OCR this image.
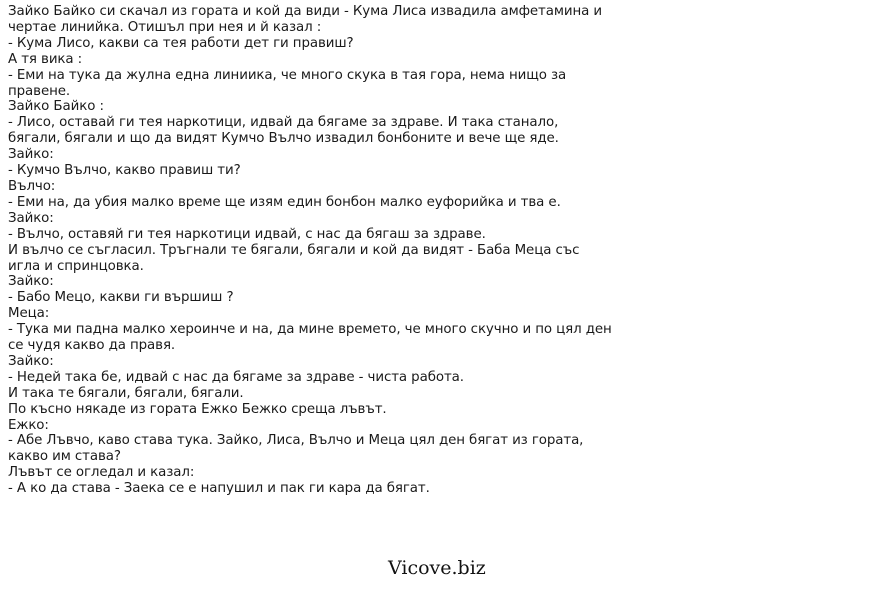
Зайко Байко си скачал из гората и кой да види - Кума Лиса извадила амфетамина и
чертае линийка. Отишъл при нея и й казал :
- Кума Лисо, какви са тея работи дет ги правиш?
А тя вика :
- Еми на тука да жулна една линиика, че много скука в тая гора, нема нищо за
правене.
Зайко Байко :
- Лисо, оставай ги тея наркотици, идвай да бягаме за здраве. И така станало,
бягали, бягали и що да видят Кумчо Вълчо извадил бонбоните и вече ще яде.
Зайко:
- Кумчо Вълчо, какво правиш ти?
Вълчо:
- Еми на, да убия малко време ще изям един бонбон малко еуфорийка и тва е.
Зайко:
- Вълчо, оставяй ги тея наркотици идвай, с нас да бягаш за здраве.
И вълчо се съгласил. Тръгнали те бягали, бягали и кой да видят - Баба Меца със
игла и спринцовка.
Зайко:
- Бабо Мецо, какви ги вършиш ?
Меца:
- Тука ми падна малко хероинче и на, да мине времето, че много скучно и по цял ден
се чудя какво да правя.
Зайко:
- Недей така бе, идвай с нас да бягаме за здраве - чиста работа.
И така те бягали, бягали, бягали.
По късно някаде из гората Ежко Бежко среща лъвът.
Ежко:
- Абе Лъвчо, каво става тука. Зайко, Лиса, Вълчо и Меца цял ден бягат из гората,
какво им става?
Лъвът се огледал и казал:
- А ко да става - Заека се е напушил и пак ги кара да бягат.
Vicove.biz
